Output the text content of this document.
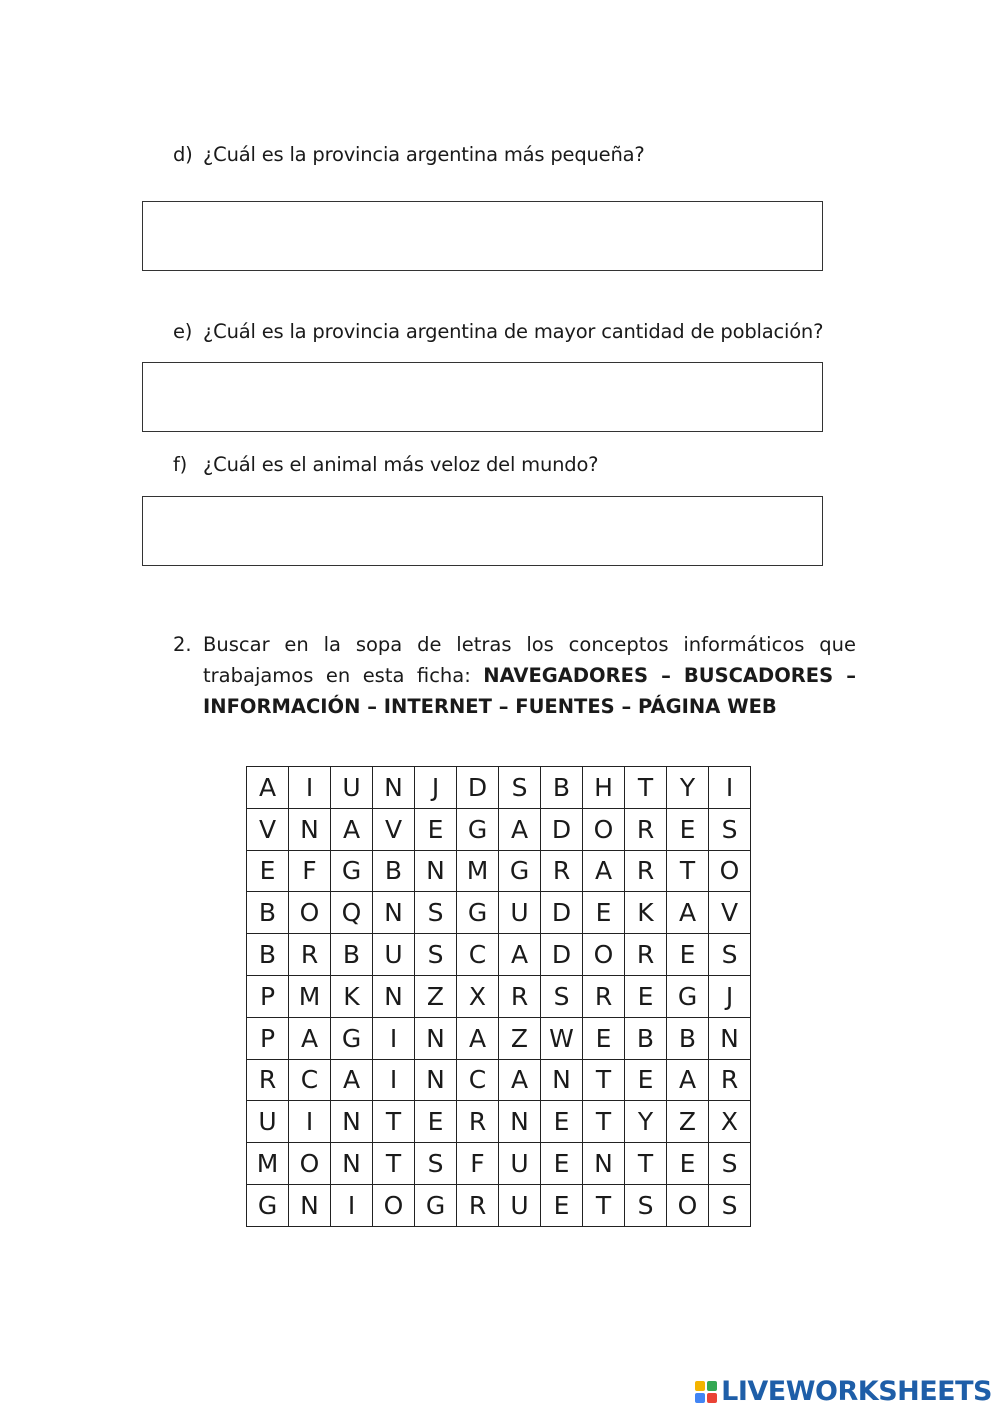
d) ¿Cuál es la provincia argentina más pequeña?
e) ¿Cuál es la provincia argentina de mayor cantidad de población?
f) ¿Cuál es el animal más veloz del mundo?
2. Buscar en la sopa de letras los conceptos informáticos que trabajamos en esta ficha: NAVEGADORES – BUSCADORES – INFORMACIÓN – INTERNET – FUENTES – PÁGINA WEB
A	I	U	N	J	D	S	B	H	T	Y	I
V	N	A	V	E	G	A	D	O	R	E	S
E	F	G	B	N	M	G	R	A	R	T	O
B	O	Q	N	S	G	U	D	E	K	A	V
B	R	B	U	S	C	A	D	O	R	E	S
P	M	K	N	Z	X	R	S	R	E	G	J
P	A	G	I	N	A	Z	W	E	B	B	N
R	C	A	I	N	C	A	N	T	E	A	R
U	I	N	T	E	R	N	E	T	Y	Z	X
M	O	N	T	S	F	U	E	N	T	E	S
G	N	I	O	G	R	U	E	T	S	O	S
LIVEWORKSHEETS
